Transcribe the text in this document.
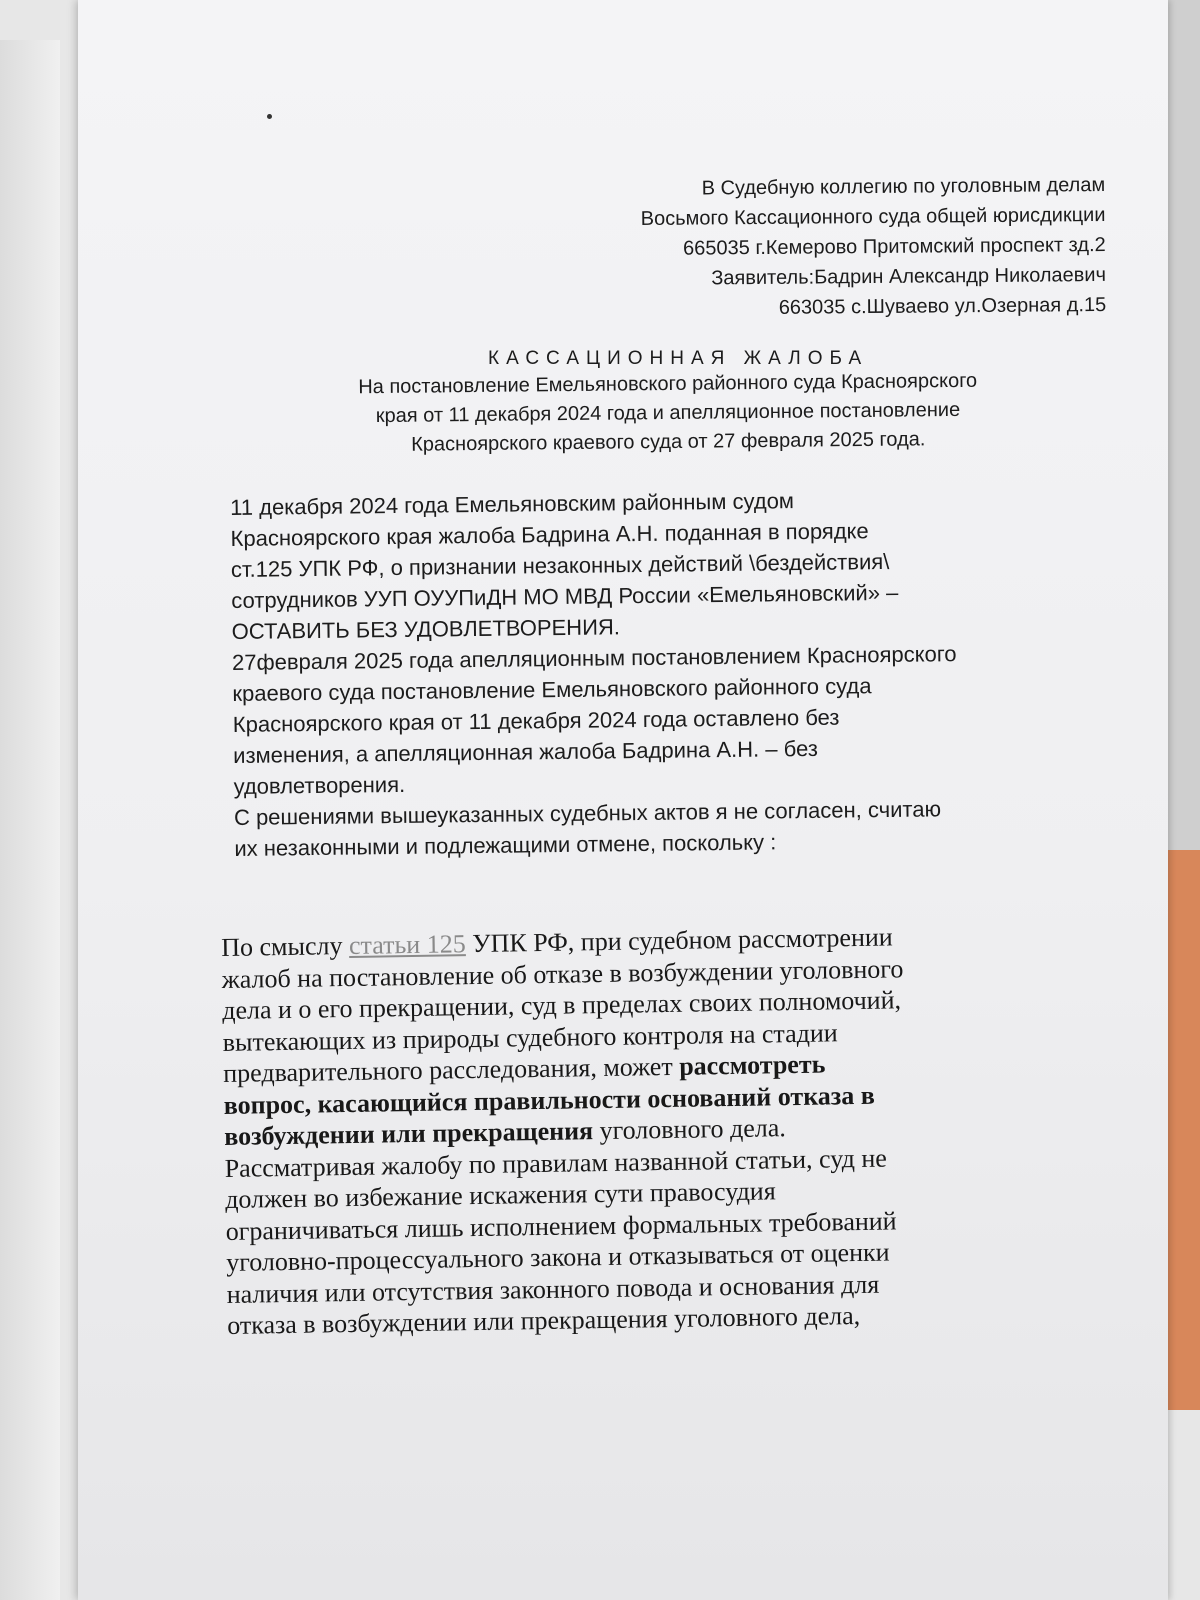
В Судебную коллегию по уголовным делам
Восьмого Кассационного суда общей юрисдикции
665035 г.Кемерово Притомский проспект зд.2
Заявитель:Бадрин Александр Николаевич
663035 с.Шуваево ул.Озерная д.15
КАССАЦИОННАЯ ЖАЛОБА
На постановление Емельяновского районного суда Красноярского
края от 11 декабря 2024 года и апелляционное постановление
Красноярского краевого суда от 27 февраля 2025 года.
11 декабря 2024 года Емельяновским районным судом
Красноярского края жалоба Бадрина А.Н. поданная в порядке
ст.125 УПК РФ, о признании незаконных действий \бездействия\
сотрудников УУП ОУУПиДН МО МВД России «Емельяновский» –
ОСТАВИТЬ БЕЗ УДОВЛЕТВОРЕНИЯ.
27февраля 2025 года апелляционным постановлением Красноярского
краевого суда постановление Емельяновского районного суда
Красноярского края от 11 декабря 2024 года оставлено без
изменения, а апелляционная жалоба Бадрина А.Н. – без
удовлетворения.
С решениями вышеуказанных судебных актов я не согласен, считаю
их незаконными и подлежащими отмене, поскольку :
По смыслу статьи 125 УПК РФ, при судебном рассмотрении
жалоб на постановление об отказе в возбуждении уголовного
дела и о его прекращении, суд в пределах своих полномочий,
вытекающих из природы судебного контроля на стадии
предварительного расследования, может рассмотреть
вопрос, касающийся правильности оснований отказа в
возбуждении или прекращения уголовного дела.
Рассматривая жалобу по правилам названной статьи, суд не
должен во избежание искажения сути правосудия
ограничиваться лишь исполнением формальных требований
уголовно-процессуального закона и отказываться от оценки
наличия или отсутствия законного повода и основания для
отказа в возбуждении или прекращения уголовного дела,
